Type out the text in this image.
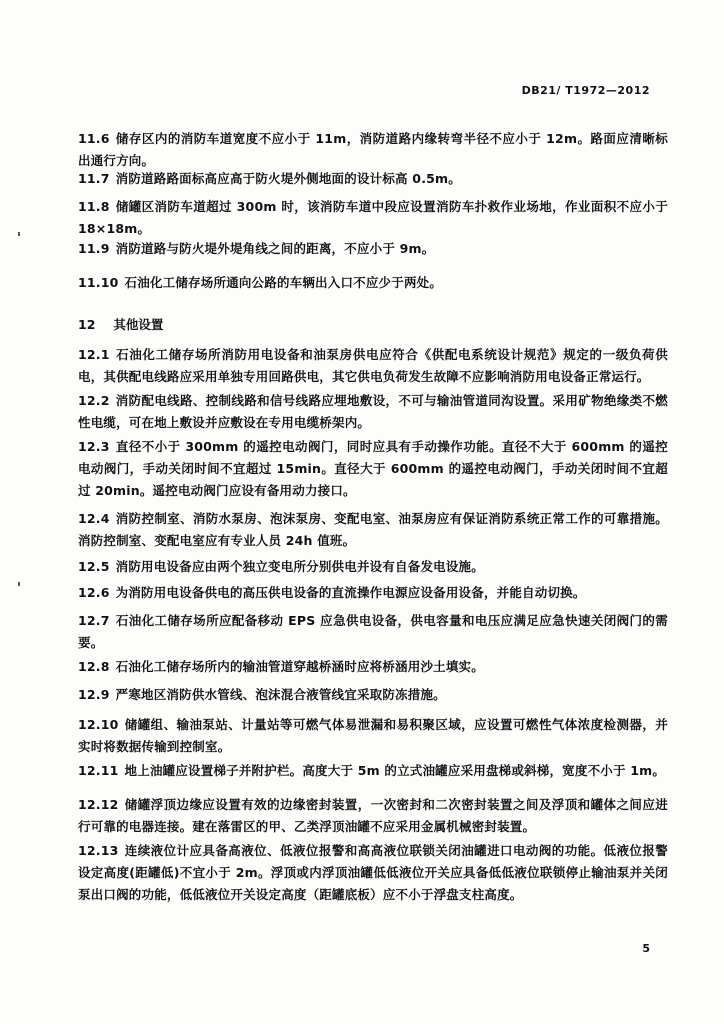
DB21/ T1972—2012
11.6 储存区内的消防车道宽度不应小于 11m，消防道路内缘转弯半径不应小于 12m。路面应清晰标出通行方向。
11.7 消防道路路面标高应高于防火堤外侧地面的设计标高 0.5m。
11.8 储罐区消防车道超过 300m 时，该消防车道中段应设置消防车扑救作业场地，作业面积不应小于 18×18m。
11.9 消防道路与防火堤外堤角线之间的距离，不应小于 9m。
11.10 石油化工储存场所通向公路的车辆出入口不应少于两处。
12 其他设置
12.1 石油化工储存场所消防用电设备和油泵房供电应符合《供配电系统设计规范》规定的一级负荷供电，其供配电线路应采用单独专用回路供电，其它供电负荷发生故障不应影响消防用电设备正常运行。
12.2 消防配电线路、控制线路和信号线路应埋地敷设，不可与输油管道同沟设置。采用矿物绝缘类不燃性电缆，可在地上敷设并应敷设在专用电缆桥架内。
12.3 直径不小于 300mm 的遥控电动阀门，同时应具有手动操作功能。直径不大于 600mm 的遥控电动阀门，手动关闭时间不宜超过 15min。直径大于 600mm 的遥控电动阀门，手动关闭时间不宜超过 20min。遥控电动阀门应设有备用动力接口。
12.4 消防控制室、消防水泵房、泡沫泵房、变配电室、油泵房应有保证消防系统正常工作的可靠措施。消防控制室、变配电室应有专业人员 24h 值班。
12.5 消防用电设备应由两个独立变电所分别供电并设有自备发电设施。
12.6 为消防用电设备供电的高压供电设备的直流操作电源应设备用设备，并能自动切换。
12.7 石油化工储存场所应配备移动 EPS 应急供电设备，供电容量和电压应满足应急快速关闭阀门的需要。
12.8 石油化工储存场所内的输油管道穿越桥涵时应将桥涵用沙土填实。
12.9 严寒地区消防供水管线、泡沫混合液管线宜采取防冻措施。
12.10 储罐组、输油泵站、计量站等可燃气体易泄漏和易积聚区域，应设置可燃性气体浓度检测器，并实时将数据传输到控制室。
12.11 地上油罐应设置梯子并附护栏。高度大于 5m 的立式油罐应采用盘梯或斜梯，宽度不小于 1m。
12.12 储罐浮顶边缘应设置有效的边缘密封装置，一次密封和二次密封装置之间及浮顶和罐体之间应进行可靠的电器连接。建在落雷区的甲、乙类浮顶油罐不应采用金属机械密封装置。
12.13 连续液位计应具备高液位、低液位报警和高高液位联锁关闭油罐进口电动阀的功能。低液位报警设定高度(距罐低)不宜小于 2m。浮顶或内浮顶油罐低低液位开关应具备低低液位联锁停止输油泵并关闭泵出口阀的功能，低低液位开关设定高度（距罐底板）应不小于浮盘支柱高度。
5
